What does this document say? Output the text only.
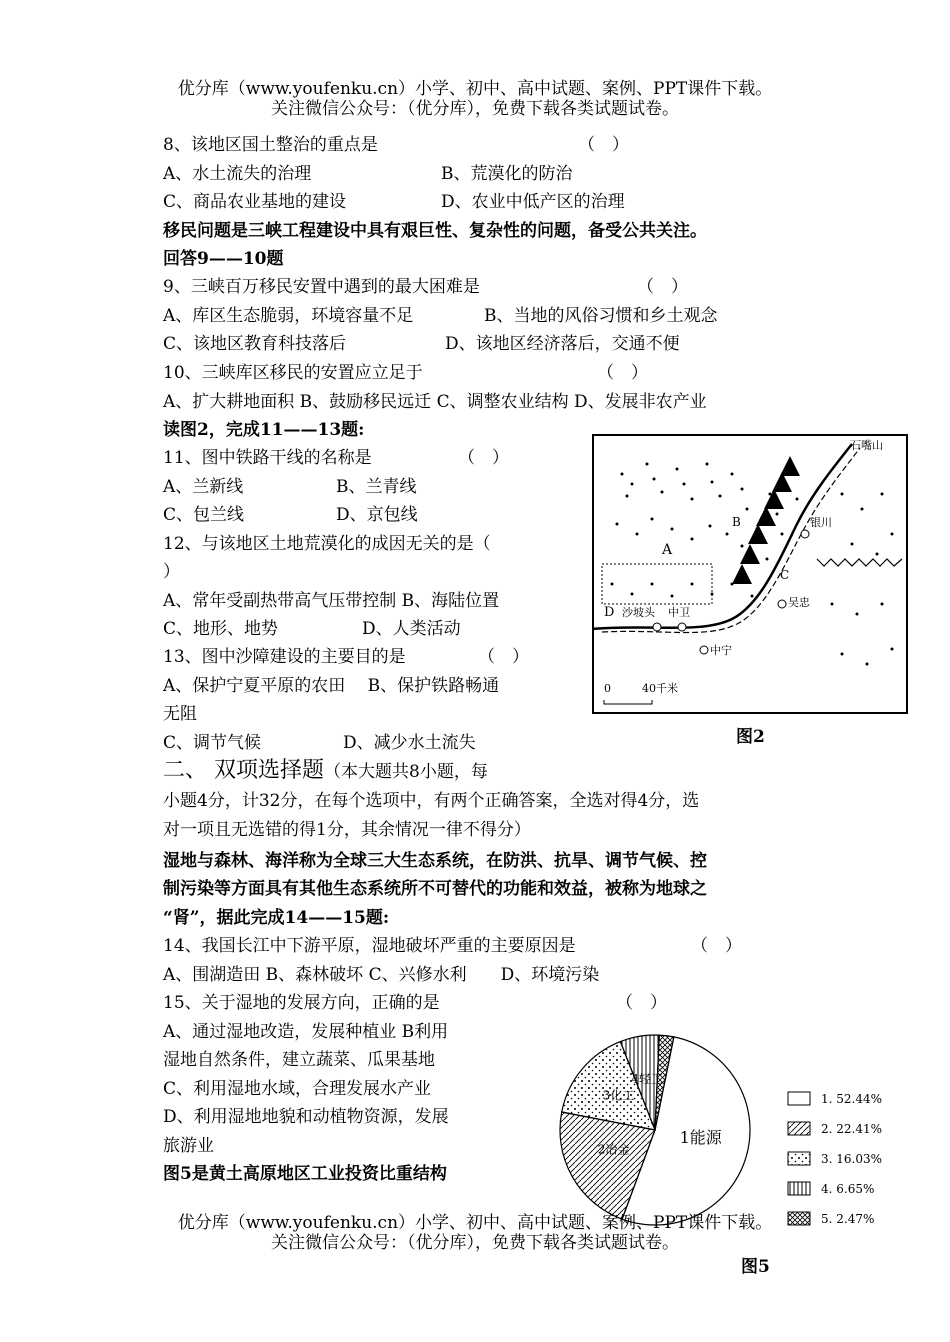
优分库（www.youfenku.cn）小学、初中、高中试题、案例、PPT课件下载。
关注微信公众号：（优分库），免费下载各类试题试卷。
8、该地区国土整治的重点是	（　）
A、水土流失的治理	B、荒漠化的防治
C、商品农业基地的建设	D、农业中低产区的治理
移民问题是三峡工程建设中具有艰巨性、复杂性的问题，备受公共关注。
回答9——10题
9、三峡百万移民安置中遇到的最大困难是	（　）
A、库区生态脆弱，环境容量不足	B、当地的风俗习惯和乡土观念
C、该地区教育科技落后	D、该地区经济落后，交通不便
10、三峡库区移民的安置应立足于	（　）
A、扩大耕地面积 B、鼓励移民远迁 C、调整农业结构 D、发展非农产业
读图2，完成11——13题:
11、图中铁路干线的名称是	（　）
A、兰新线	B、兰青线
C、包兰线	D、京包线
12、与该地区土地荒漠化的成因无关的是（
）
A、常年受副热带高气压带控制 B、海陆位置
C、地形、地势	D、人类活动
13、图中沙障建设的主要目的是	（　）
A、保护宁夏平原的农田　 B、保护铁路畅通
无阻
C、调节气候	D、减少水土流失
石嘴山
A
B
C
D 沙坡头 中卫
中宁
银川
吴忠
0	40千米
图2
二、 双项选择题（本大题共8小题，每
小题4分，计32分，在每个选项中，有两个正确答案，全选对得4分，选
对一项且无选错的得1分，其余情况一律不得分）
湿地与森林、海洋称为全球三大生态系统，在防洪、抗旱、调节气候、控
制污染等方面具有其他生态系统所不可替代的功能和效益，被称为地球之
“肾”，据此完成14——15题:
14、我国长江中下游平原，湿地破坏严重的主要原因是	（　）
A、围湖造田 B、森林破坏 C、兴修水利　　D、环境污染
15、关于湿地的发展方向，正确的是	（　）
A、通过湿地改造，发展种植业 B利用
湿地自然条件，建立蔬菜、瓜果基地
C、利用湿地水域，合理发展水产业
D、利用湿地地貌和动植物资源，发展
旅游业
图5是黄土高原地区工业投资比重结构
1能源
2冶金
3化工
4轻工
1. 52.44%
2. 22.41%
3. 16.03%
4. 6.65%
5. 2.47%
图5
优分库（www.youfenku.cn）小学、初中、高中试题、案例、PPT课件下载。
关注微信公众号：（优分库），免费下载各类试题试卷。
